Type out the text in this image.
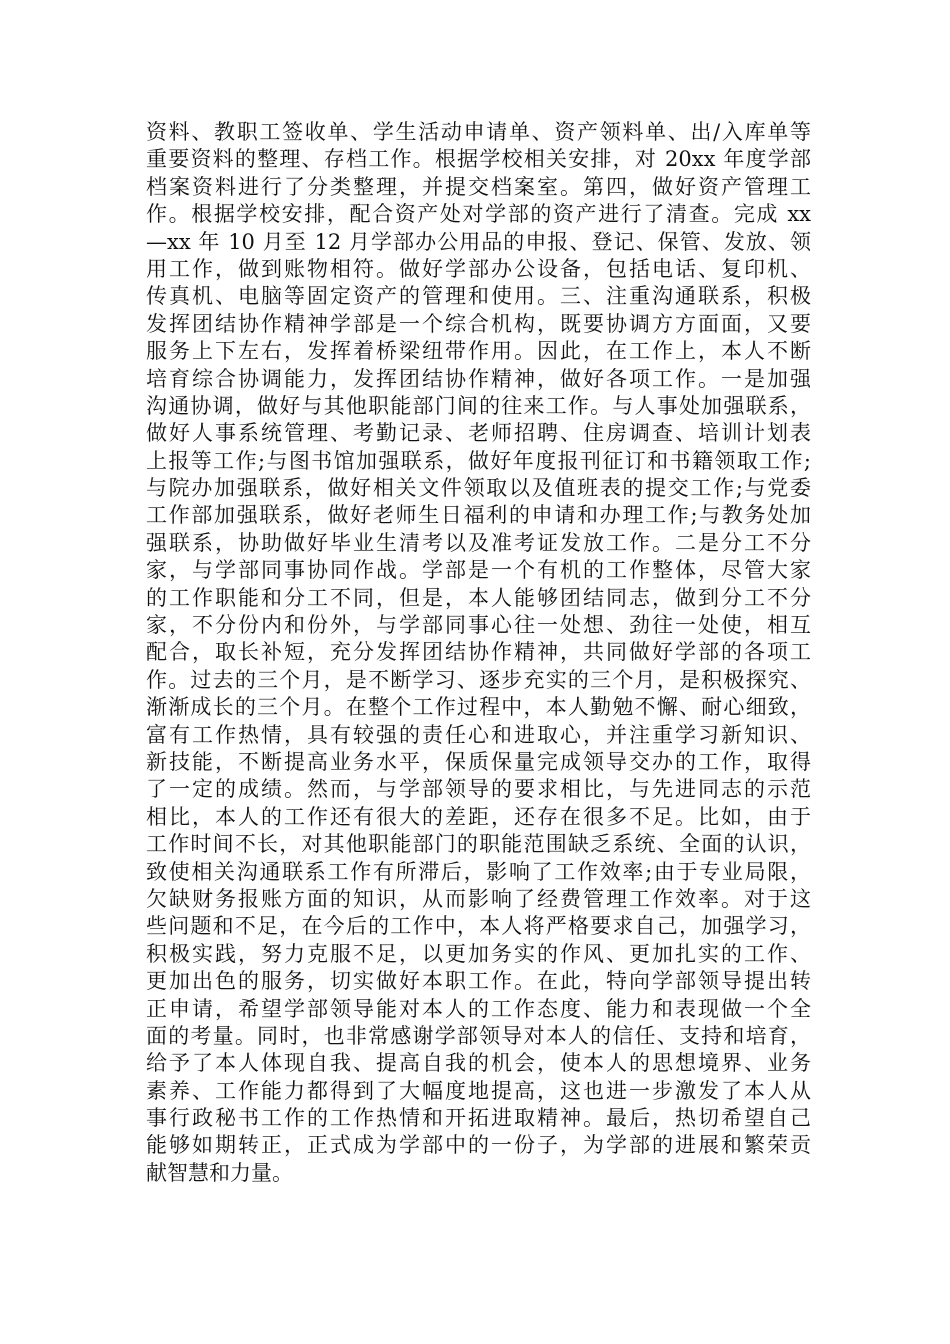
资料、教职工签收单、学生活动申请单、资产领料单、出/入库单等
重要资料的整理、存档工作。根据学校相关安排，对 20xx 年度学部
档案资料进行了分类整理，并提交档案室。第四，做好资产管理工
作。根据学校安排，配合资产处对学部的资产进行了清查。完成 xx
—xx 年 10 月至 12 月学部办公用品的申报、登记、保管、发放、领
用工作，做到账物相符。做好学部办公设备，包括电话、复印机、
传真机、电脑等固定资产的管理和使用。三、注重沟通联系，积极
发挥团结协作精神学部是一个综合机构，既要协调方方面面，又要
服务上下左右，发挥着桥梁纽带作用。因此，在工作上，本人不断
培育综合协调能力，发挥团结协作精神，做好各项工作。一是加强
沟通协调，做好与其他职能部门间的往来工作。与人事处加强联系，
做好人事系统管理、考勤记录、老师招聘、住房调查、培训计划表
上报等工作;与图书馆加强联系，做好年度报刊征订和书籍领取工作;
与院办加强联系，做好相关文件领取以及值班表的提交工作;与党委
工作部加强联系，做好老师生日福利的申请和办理工作;与教务处加
强联系，协助做好毕业生清考以及准考证发放工作。二是分工不分
家，与学部同事协同作战。学部是一个有机的工作整体，尽管大家
的工作职能和分工不同，但是，本人能够团结同志，做到分工不分
家，不分份内和份外，与学部同事心往一处想、劲往一处使，相互
配合，取长补短，充分发挥团结协作精神，共同做好学部的各项工
作。过去的三个月，是不断学习、逐步充实的三个月，是积极探究、
渐渐成长的三个月。在整个工作过程中，本人勤勉不懈、耐心细致，
富有工作热情，具有较强的责任心和进取心，并注重学习新知识、
新技能，不断提高业务水平，保质保量完成领导交办的工作，取得
了一定的成绩。然而，与学部领导的要求相比，与先进同志的示范
相比，本人的工作还有很大的差距，还存在很多不足。比如，由于
工作时间不长，对其他职能部门的职能范围缺乏系统、全面的认识，
致使相关沟通联系工作有所滞后，影响了工作效率;由于专业局限，
欠缺财务报账方面的知识，从而影响了经费管理工作效率。对于这
些问题和不足，在今后的工作中，本人将严格要求自己，加强学习，
积极实践，努力克服不足，以更加务实的作风、更加扎实的工作、
更加出色的服务，切实做好本职工作。在此，特向学部领导提出转
正申请，希望学部领导能对本人的工作态度、能力和表现做一个全
面的考量。同时，也非常感谢学部领导对本人的信任、支持和培育，
给予了本人体现自我、提高自我的机会，使本人的思想境界、业务
素养、工作能力都得到了大幅度地提高，这也进一步激发了本人从
事行政秘书工作的工作热情和开拓进取精神。最后，热切希望自己
能够如期转正，正式成为学部中的一份子，为学部的进展和繁荣贡
献智慧和力量。
